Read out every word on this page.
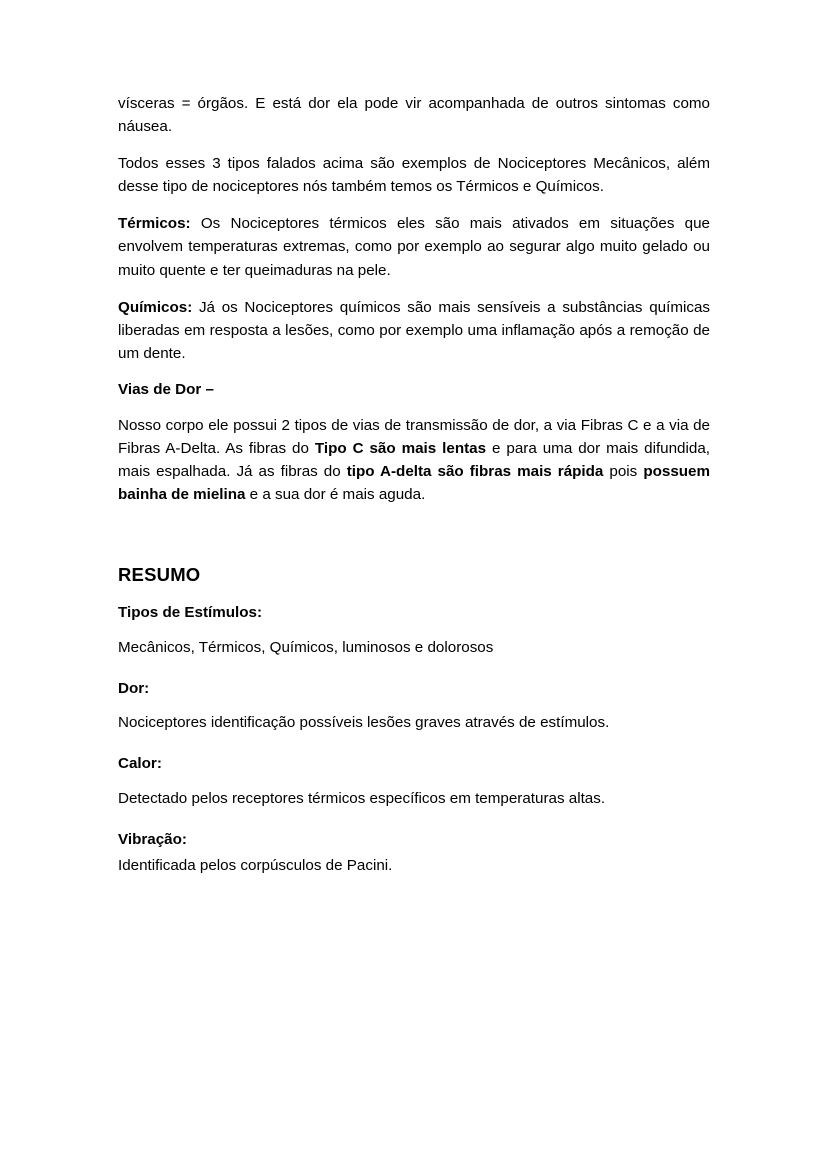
vísceras = órgãos. E está dor ela pode vir acompanhada de outros sintomas como náusea.

Todos esses 3 tipos falados acima são exemplos de Nociceptores Mecânicos, além desse tipo de nociceptores nós também temos os Térmicos e Químicos.

Térmicos: Os Nociceptores térmicos eles são mais ativados em situações que envolvem temperaturas extremas, como por exemplo ao segurar algo muito gelado ou muito quente e ter queimaduras na pele.

Químicos: Já os Nociceptores químicos são mais sensíveis a substâncias químicas liberadas em resposta a lesões, como por exemplo uma inflamação após a remoção de um dente.

Vias de Dor –

Nosso corpo ele possui 2 tipos de vias de transmissão de dor, a via Fibras C e a via de Fibras A-Delta. As fibras do Tipo C são mais lentas e para uma dor mais difundida, mais espalhada. Já as fibras do tipo A-delta são fibras mais rápida pois possuem bainha de mielina e a sua dor é mais aguda.

RESUMO

Tipos de Estímulos:

Mecânicos, Térmicos, Químicos, luminosos e dolorosos

Dor:

Nociceptores identificação possíveis lesões graves através de estímulos.

Calor:

Detectado pelos receptores térmicos específicos em temperaturas altas.

Vibração:

Identificada pelos corpúsculos de Pacini.
